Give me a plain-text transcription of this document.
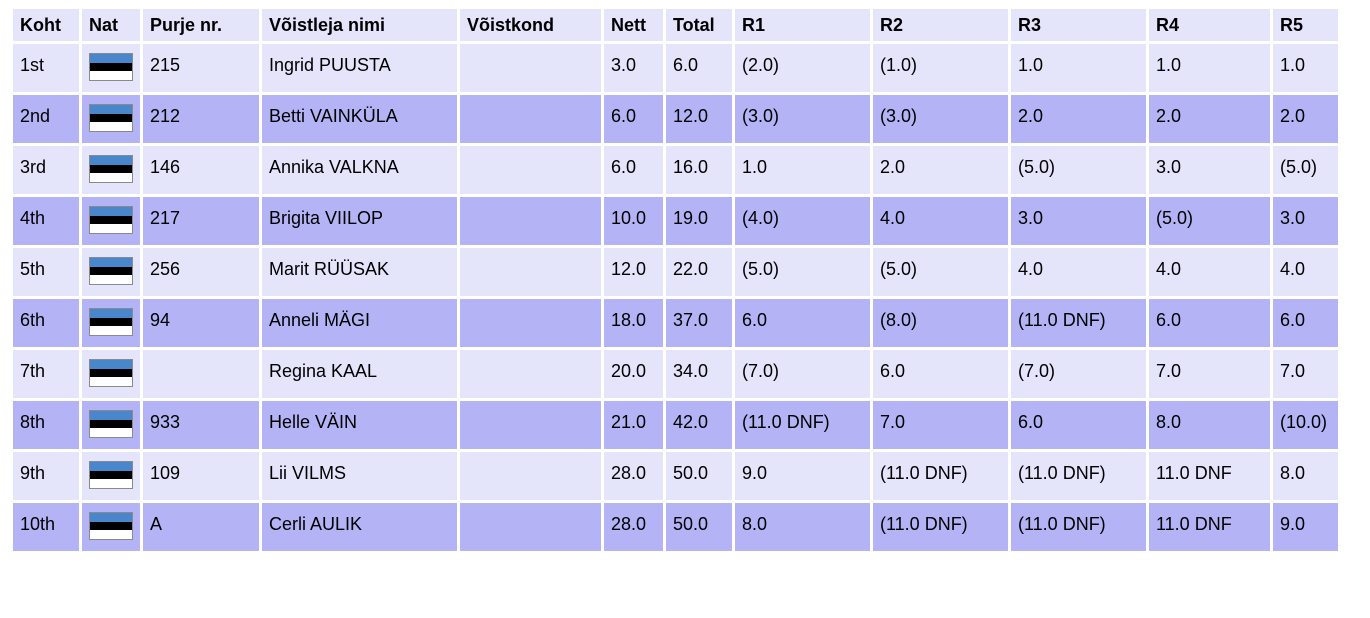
Koht	Nat	Purje nr.	Võistleja nimi	Võistkond	Nett	Total	R1	R2	R3	R4	R5
1st		215	Ingrid PUUSTA		3.0	6.0	(2.0)	(1.0)	1.0	1.0	1.0
2nd		212	Betti VAINKÜLA		6.0	12.0	(3.0)	(3.0)	2.0	2.0	2.0
3rd		146	Annika VALKNA		6.0	16.0	1.0	2.0	(5.0)	3.0	(5.0)
4th		217	Brigita VIILOP		10.0	19.0	(4.0)	4.0	3.0	(5.0)	3.0
5th		256	Marit RÜÜSAK		12.0	22.0	(5.0)	(5.0)	4.0	4.0	4.0
6th		94	Anneli MÄGI		18.0	37.0	6.0	(8.0)	(11.0 DNF)	6.0	6.0
7th			Regina KAAL		20.0	34.0	(7.0)	6.0	(7.0)	7.0	7.0
8th		933	Helle VÄIN		21.0	42.0	(11.0 DNF)	7.0	6.0	8.0	(10.0)
9th		109	Lii VILMS		28.0	50.0	9.0	(11.0 DNF)	(11.0 DNF)	11.0 DNF	8.0
10th		A	Cerli AULIK		28.0	50.0	8.0	(11.0 DNF)	(11.0 DNF)	11.0 DNF	9.0
